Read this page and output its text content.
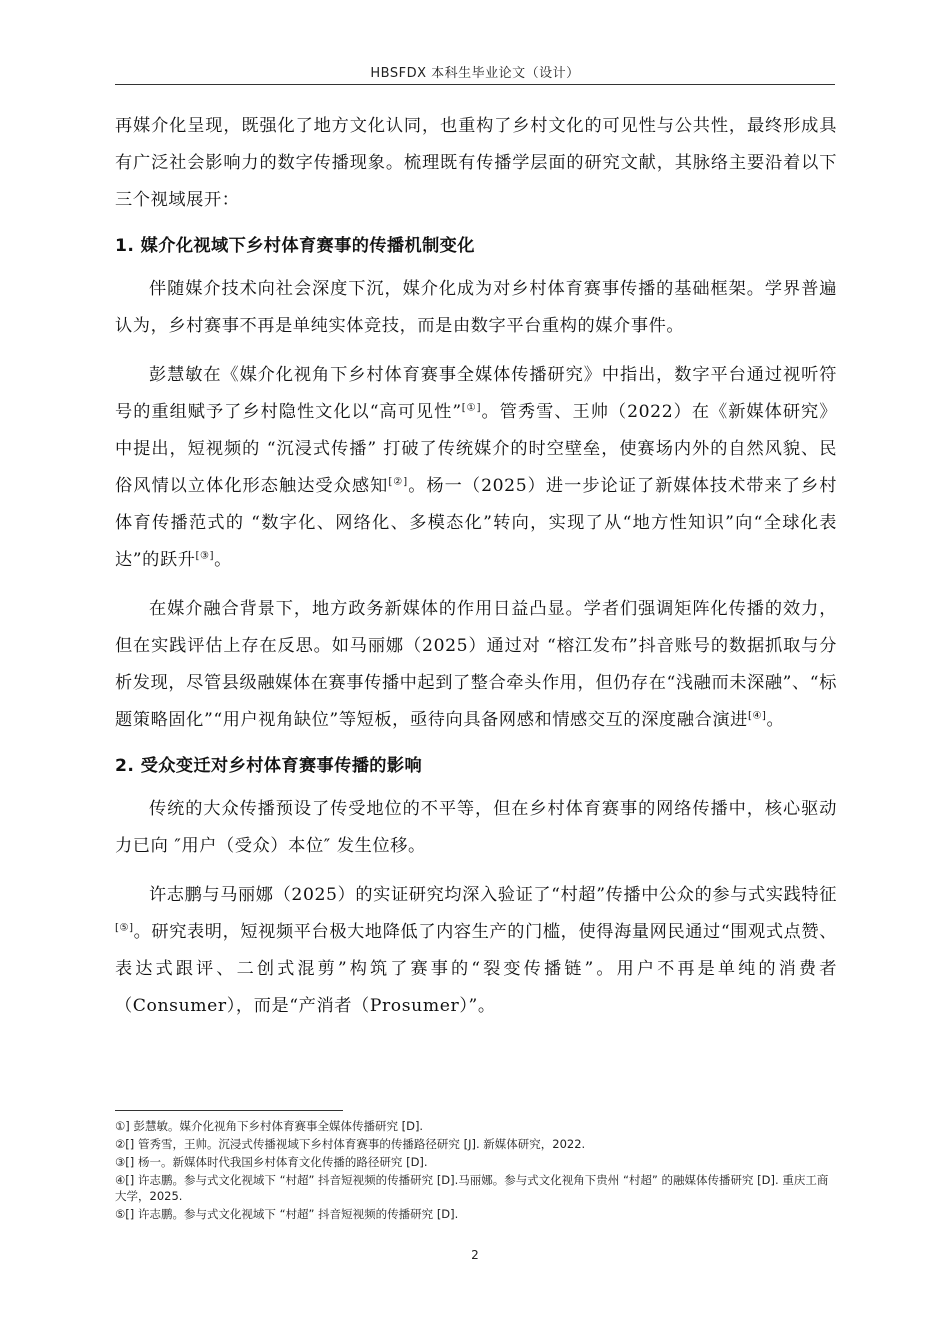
HBSFDX 本科生毕业论文（设计）

再媒介化呈现，既强化了地方文化认同，也重构了乡村文化的可见性与公共性，最终形成具有广泛社会影响力的数字传播现象。梳理既有传播学层面的研究文献，其脉络主要沿着以下三个视域展开：

1. 媒介化视域下乡村体育赛事的传播机制变化

伴随媒介技术向社会深度下沉，媒介化成为对乡村体育赛事传播的基础框架。学界普遍认为，乡村赛事不再是单纯实体竞技，而是由数字平台重构的媒介事件。

彭慧敏在《媒介化视角下乡村体育赛事全媒体传播研究》中指出，数字平台通过视听符号的重组赋予了乡村隐性文化以“高可见性”[①]。管秀雪、王帅（2022）在《新媒体研究》中提出，短视频的 “沉浸式传播” 打破了传统媒介的时空壁垒，使赛场内外的自然风貌、民俗风情以立体化形态触达受众感知[②]。杨一（2025）进一步论证了新媒体技术带来了乡村体育传播范式的 “数字化、网络化、多模态化”转向，实现了从“地方性知识”向“全球化表达”的跃升[③]。

在媒介融合背景下，地方政务新媒体的作用日益凸显。学者们强调矩阵化传播的效力，但在实践评估上存在反思。如马丽娜（2025）通过对 “榕江发布”抖音账号的数据抓取与分析发现，尽管县级融媒体在赛事传播中起到了整合牵头作用，但仍存在“浅融而未深融”、“标题策略固化”“用户视角缺位”等短板，亟待向具备网感和情感交互的深度融合演进[④]。

2. 受众变迁对乡村体育赛事传播的影响

传统的大众传播预设了传受地位的不平等，但在乡村体育赛事的网络传播中，核心驱动力已向 ″用户（受众）本位″ 发生位移。

许志鹏与马丽娜（2025）的实证研究均深入验证了“村超”传播中公众的参与式实践特征[⑤]。研究表明，短视频平台极大地降低了内容生产的门槛，使得海量网民通过“围观式点赞、表达式跟评、二创式混剪”构筑了赛事的“裂变传播链”。用户不再是单纯的消费者（Consumer），而是“产消者（Prosumer）”。

①] 彭慧敏。媒介化视角下乡村体育赛事全媒体传播研究 [D].
②[] 管秀雪，王帅。沉浸式传播视域下乡村体育赛事的传播路径研究 [J]. 新媒体研究，2022.
③[] 杨一。新媒体时代我国乡村体育文化传播的路径研究 [D].
④[] 许志鹏。参与式文化视域下 “村超” 抖音短视频的传播研究 [D].马丽娜。参与式文化视角下贵州 “村超” 的融媒体传播研究 [D]. 重庆工商大学，2025.
⑤[] 许志鹏。参与式文化视域下 “村超” 抖音短视频的传播研究 [D].
2
